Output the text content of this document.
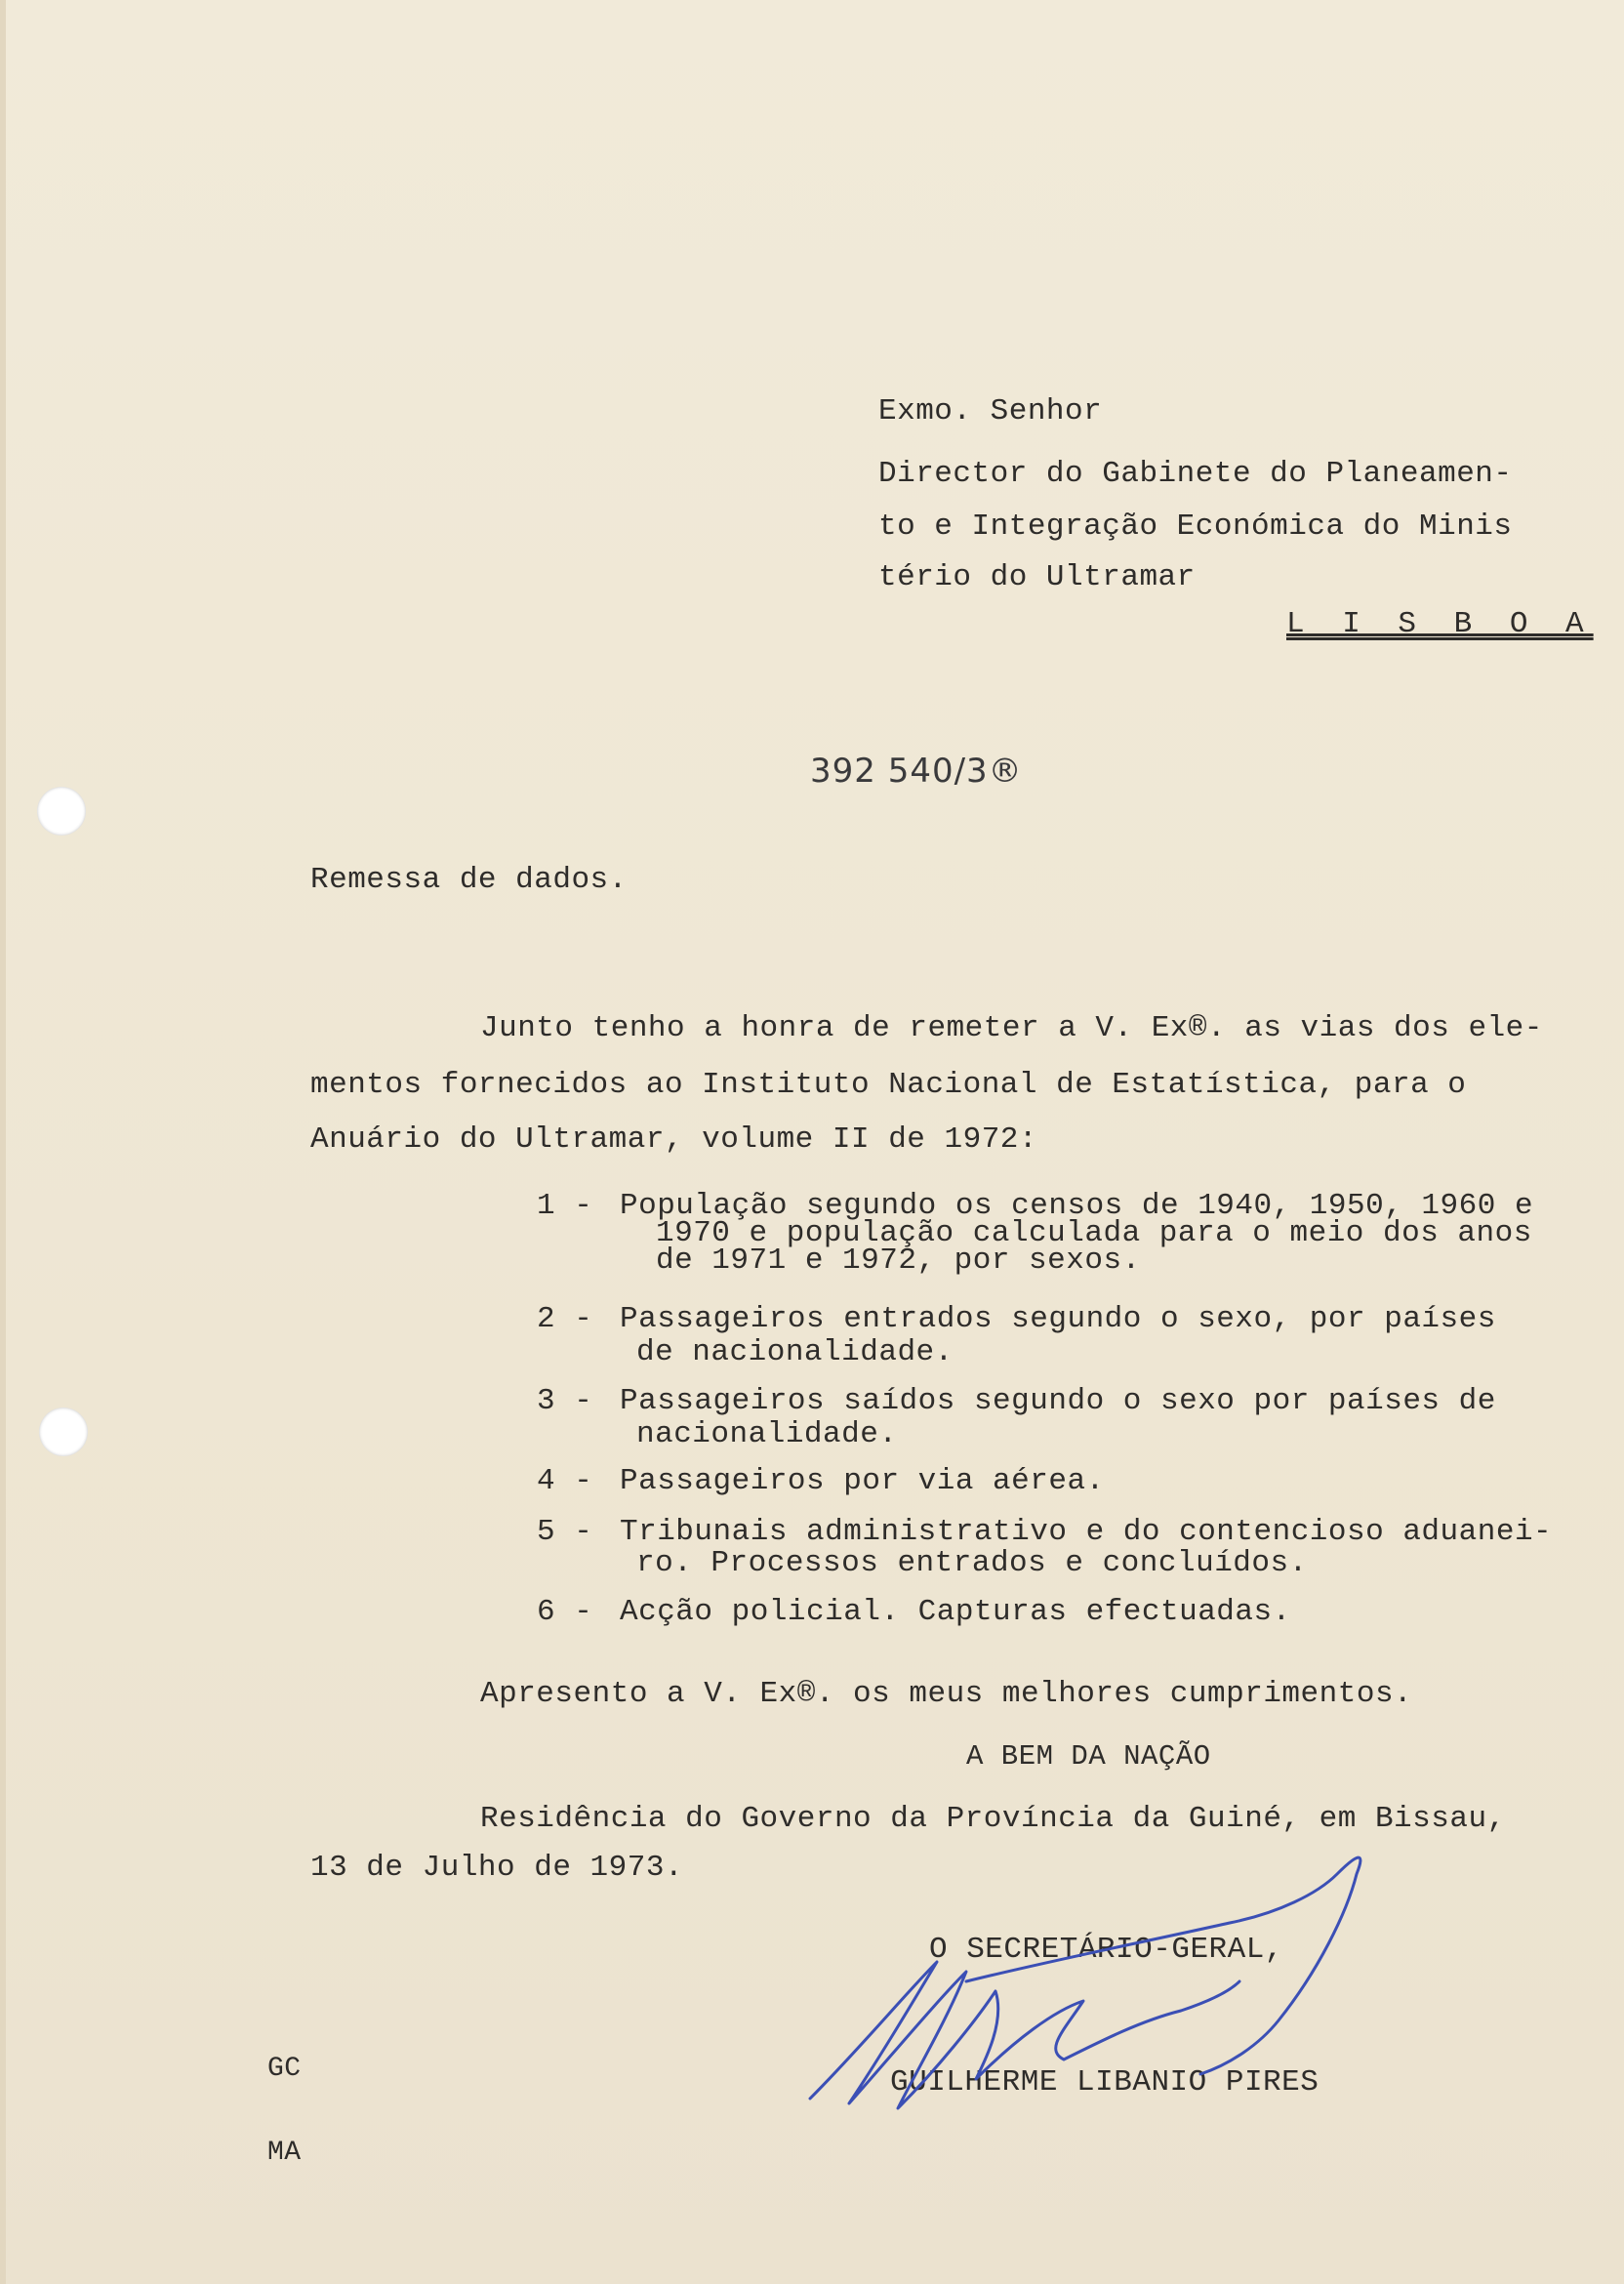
Exmo. Senhor
Director do Gabinete do Planeamen-
to e Integração Económica do Minis
tério do Ultramar
L I S B O A
392 540/3®
Remessa de dados.
Junto tenho a honra de remeter a V. Ex®. as vias dos ele-
mentos fornecidos ao Instituto Nacional de Estatística, para o
Anuário do Ultramar, volume II de 1972:

1 -

População segundo os censos de 1940, 1950, 1960 e

1970 e população calculada para o meio dos anos

de 1971 e 1972, por sexos.

2 -

Passageiros entrados segundo o sexo, por países

de nacionalidade.

3 -

Passageiros saídos segundo o sexo por países de

nacionalidade.

4 -

Passageiros por via aérea.

5 -

Tribunais administrativo e do contencioso aduanei-

ro. Processos entrados e concluídos.

6 -

Acção policial. Capturas efectuadas.

Apresento a V. Ex®. os meus melhores cumprimentos.
A BEM DA NAÇÃO
Residência do Governo da Província da Guiné, em Bissau,
13 de Julho de 1973.
O SECRETÁRIO-GERAL,
GUILHERME LIBANIO PIRES
GC
MA
